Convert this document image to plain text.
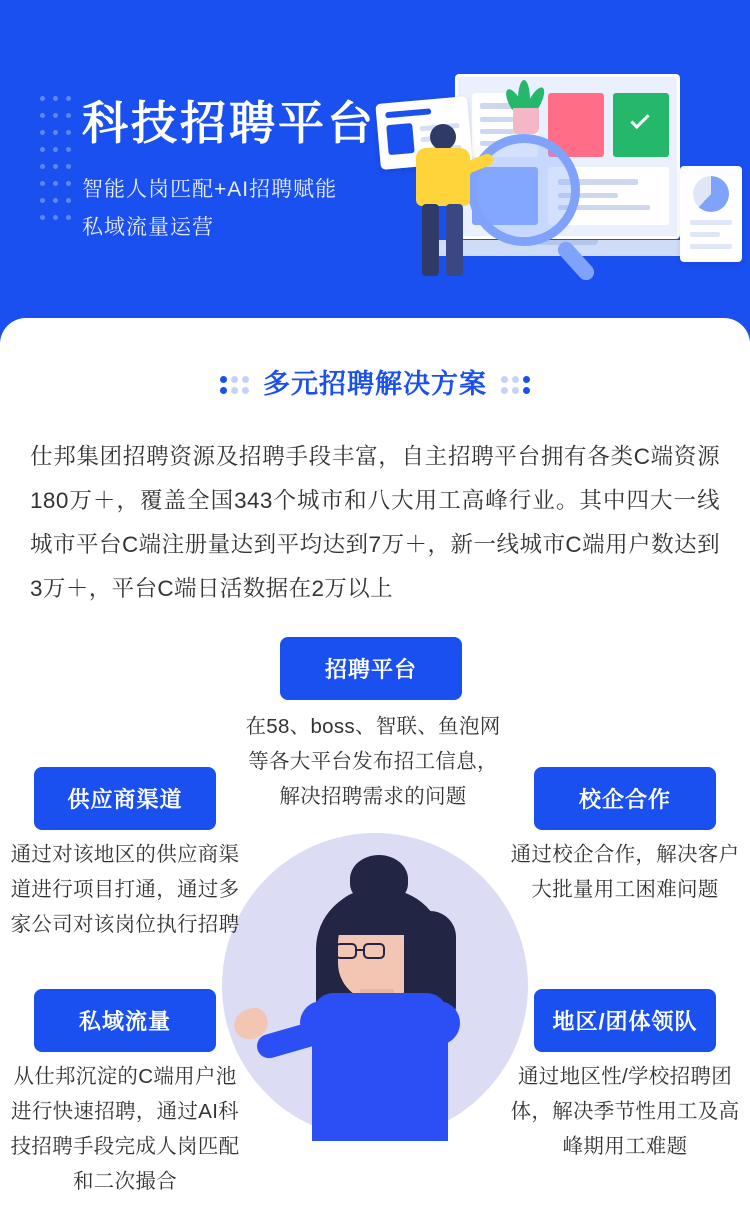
科技招聘平台
智能人岗匹配+AI招聘赋能
私域流量运营
多元招聘解决方案

仕邦集团招聘资源及招聘手段丰富，自主招聘平台拥有各类C端资源180万＋，覆盖全国343个城市和八大用工高峰行业。其中四大一线城市平台C端注册量达到平均达到7万＋，新一线城市C端用户数达到3万＋，平台C端日活数据在2万以上

招聘平台
在58、boss、智联、鱼泡网等各大平台发布招工信息，解决招聘需求的问题
供应商渠道
通过对该地区的供应商渠道进行项目打通，通过多家公司对该岗位执行招聘
校企合作
通过校企合作，解决客户大批量用工困难问题
私域流量
从仕邦沉淀的C端用户池进行快速招聘，通过AI科技招聘手段完成人岗匹配和二次撮合
地区/团体领队
通过地区性/学校招聘团体，解决季节性用工及高峰期用工难题
